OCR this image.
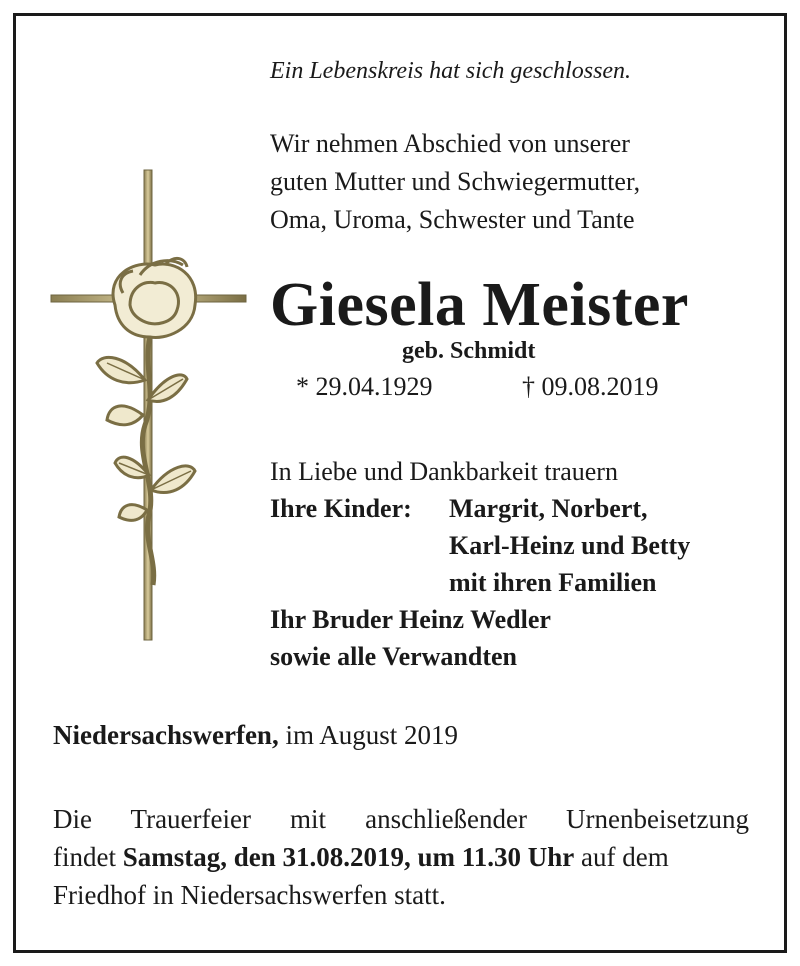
Ein Lebenskreis hat sich geschlossen.
Wir nehmen Abschied von unserer
guten Mutter und Schwiegermutter,
Oma, Uroma, Schwester und Tante
Giesela Meister
geb. Schmidt
* 29.04.1929	† 09.08.2019
In Liebe und Dankbarkeit trauern
Ihre Kinder: Margrit, Norbert,
Karl-Heinz und Betty
mit ihren Familien
Ihr Bruder Heinz Wedler
sowie alle Verwandten
Niedersachswerfen, im August 2019
Die Trauerfeier mit anschließender Urnenbeisetzung
findet Samstag, den 31.08.2019, um 11.30 Uhr auf dem
Friedhof in Niedersachswerfen statt.
